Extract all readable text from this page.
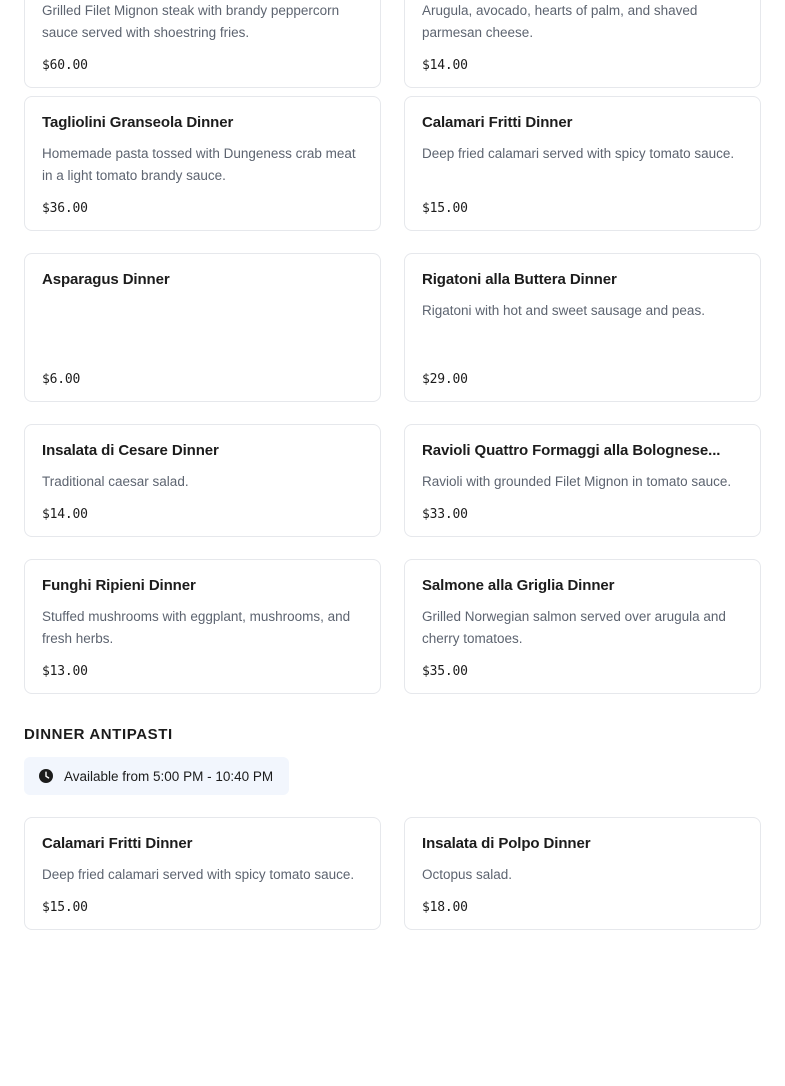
Grilled Filet Mignon steak with brandy peppercorn sauce served with shoestring fries.

$60.00

Arugula, avocado, hearts of palm, and shaved parmesan cheese.

$14.00
Tagliolini Granseola Dinner

Homemade pasta tossed with Dungeness crab meat in a light tomato brandy sauce.

$36.00
Calamari Fritti Dinner

Deep fried calamari served with spicy tomato sauce.

$15.00
Asparagus Dinner

$6.00
Rigatoni alla Buttera Dinner

Rigatoni with hot and sweet sausage and peas.

$29.00
Insalata di Cesare Dinner

Traditional caesar salad.

$14.00
Ravioli Quattro Formaggi alla Bolognese...

Ravioli with grounded Filet Mignon in tomato sauce.

$33.00
Funghi Ripieni Dinner

Stuffed mushrooms with eggplant, mushrooms, and fresh herbs.

$13.00
Salmone alla Griglia Dinner

Grilled Norwegian salmon served over arugula and cherry tomatoes.

$35.00
DINNER ANTIPASTI
Available from 5:00 PM - 10:40 PM
Calamari Fritti Dinner

Deep fried calamari served with spicy tomato sauce.

$15.00
Insalata di Polpo Dinner

Octopus salad.

$18.00
